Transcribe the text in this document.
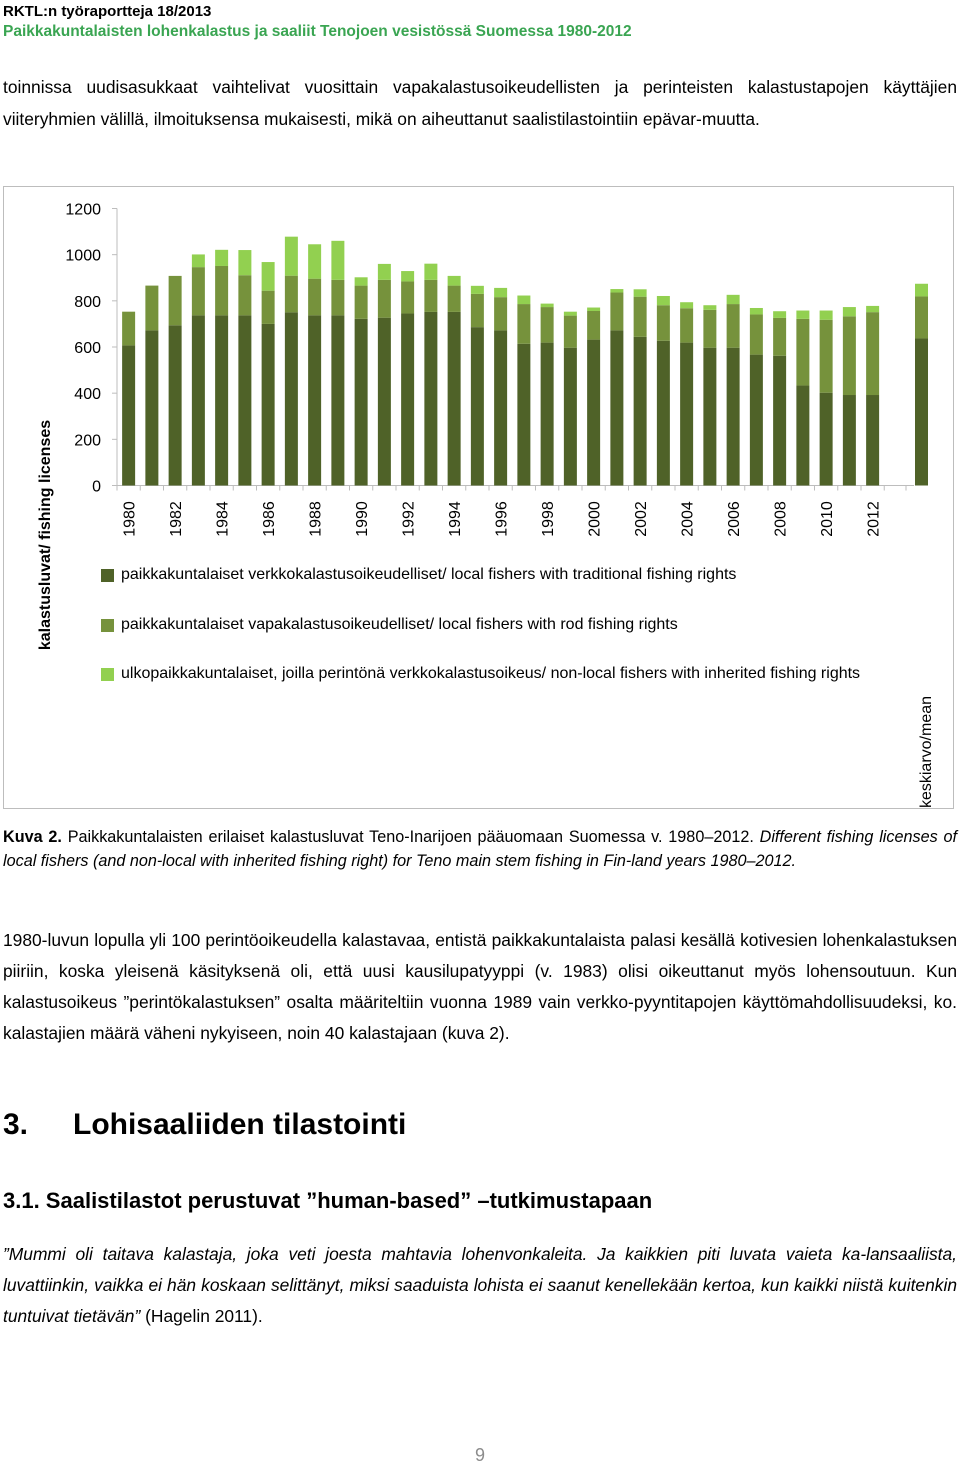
RKTL:n työraportteja 18/2013
Paikkakuntalaisten lohenkalastus ja saaliit Tenojoen vesistössä Suomessa 1980-2012
toinnissa uudisasukkaat vaihtelivat vuosittain vapakalastusoikeudellisten ja perinteisten kalastustapojen käyttäjien viiteryhmien välillä, ilmoituksensa mukaisesti, mikä on aiheuttanut saalistilastointiin epävar-muutta.
0
200
400
600
800
1000
1200
1980 1982 1984 1986 1988 1990 1992 1994 1996 1998 2000 2002 2004 2006 2008 2010 2012
kalastusluvat/ fishing licenses
keskiarvo/mean
paikkakuntalaiset verkkokalastusoikeudelliset/ local fishers with traditional fishing rights
paikkakuntalaiset vapakalastusoikeudelliset/ local fishers with rod fishing rights
ulkopaikkakuntalaiset, joilla perintönä verkkokalastusoikeus/ non-local fishers with inherited fishing rights
Kuva 2. Paikkakuntalaisten erilaiset kalastusluvat Teno-Inarijoen pääuomaan Suomessa v. 1980–2012. Different fishing licenses of local fishers (and non-local with inherited fishing right) for Teno main stem fishing in Fin-land years 1980–2012.
1980-luvun lopulla yli 100 perintöoikeudella kalastavaa, entistä paikkakuntalaista palasi kesällä kotivesien lohenkalastuksen piiriin, koska yleisenä käsityksenä oli, että uusi kausilupatyyppi (v. 1983) olisi oikeuttanut myös lohensoutuun. Kun kalastusoikeus ”perintökalastuksen” osalta määriteltiin vuonna 1989 vain verkko-pyyntitapojen käyttömahdollisuudeksi, ko. kalastajien määrä väheni nykyiseen, noin 40 kalastajaan (kuva 2).
3. Lohisaaliiden tilastointi
3.1. Saalistilastot perustuvat ”human-based” –tutkimustapaan
”Mummi oli taitava kalastaja, joka veti joesta mahtavia lohenvonkaleita. Ja kaikkien piti luvata vaieta ka-lansaaliista, luvattiinkin, vaikka ei hän koskaan selittänyt, miksi saaduista lohista ei saanut kenellekään kertoa, kun kaikki niistä kuitenkin tuntuivat tietävän” (Hagelin 2011).
9
